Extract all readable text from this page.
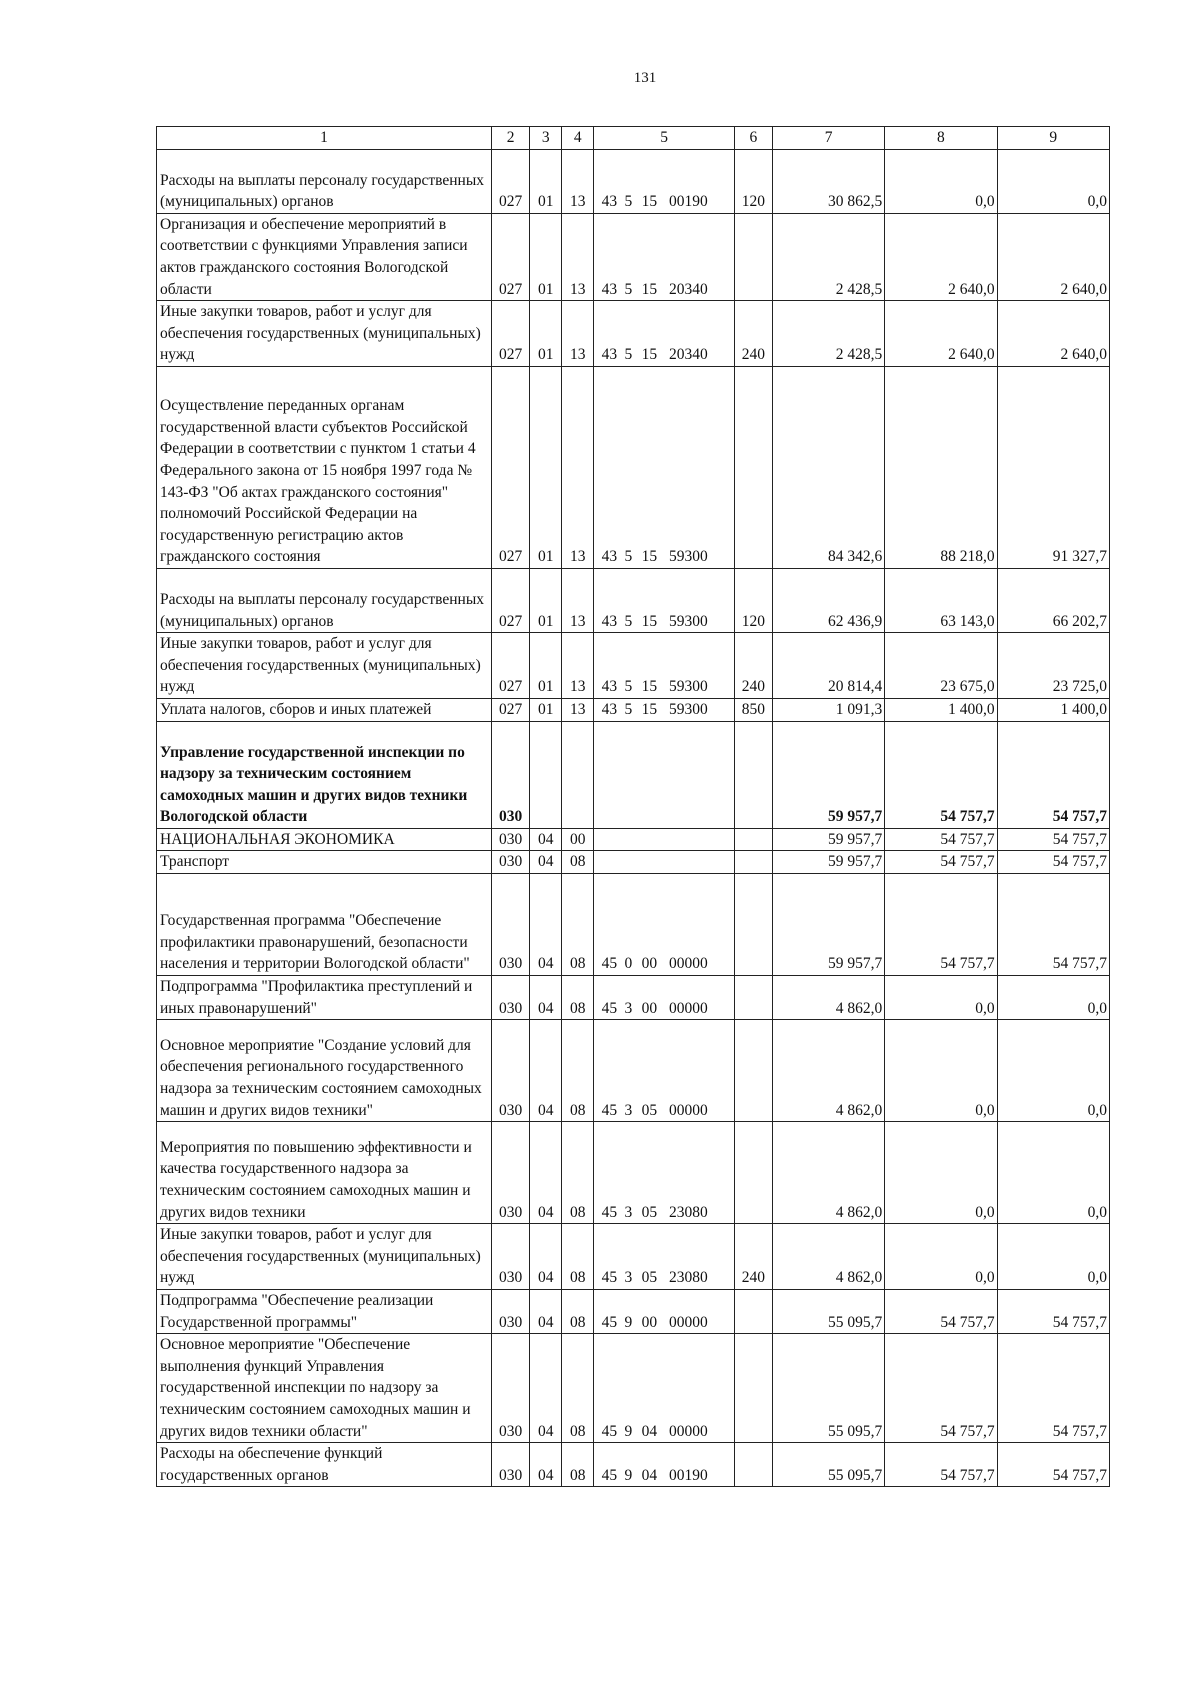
131
1	2	3	4	5	6	7	8	9
Расходы на выплаты персоналу государственных (муниципальных) органов	027	01	13	43 5 15 00190	120	30 862,5	0,0	0,0
Организация и обеспечение мероприятий в соответствии с функциями Управления записи актов гражданского состояния Вологодской области	027	01	13	43 5 15 20340		2 428,5	2 640,0	2 640,0
Иные закупки товаров, работ и услуг для обеспечения государственных (муниципальных) нужд	027	01	13	43 5 15 20340	240	2 428,5	2 640,0	2 640,0
Осуществление переданных органам государственной власти субъектов Российской Федерации в соответствии с пунктом 1 статьи 4 Федерального закона от 15 ноября 1997 года № 143-ФЗ "Об актах гражданского состояния" полномочий Российской Федерации на государственную регистрацию актов гражданского состояния	027	01	13	43 5 15 59300		84 342,6	88 218,0	91 327,7
Расходы на выплаты персоналу государственных (муниципальных) органов	027	01	13	43 5 15 59300	120	62 436,9	63 143,0	66 202,7
Иные закупки товаров, работ и услуг для обеспечения государственных (муниципальных) нужд	027	01	13	43 5 15 59300	240	20 814,4	23 675,0	23 725,0
Уплата налогов, сборов и иных платежей	027	01	13	43 5 15 59300	850	1 091,3	1 400,0	1 400,0
Управление государственной инспекции по надзору за техническим состоянием самоходных машин и других видов техники Вологодской области	030					59 957,7	54 757,7	54 757,7
НАЦИОНАЛЬНАЯ ЭКОНОМИКА	030	04	00			59 957,7	54 757,7	54 757,7
Транспорт	030	04	08			59 957,7	54 757,7	54 757,7
Государственная программа "Обеспечение профилактики правонарушений, безопасности населения и территории Вологодской области"	030	04	08	45 0 00 00000		59 957,7	54 757,7	54 757,7
Подпрограмма "Профилактика преступлений и иных правонарушений"	030	04	08	45 3 00 00000		4 862,0	0,0	0,0
Основное мероприятие "Создание условий для обеспечения регионального государственного надзора за техническим состоянием самоходных машин и других видов техники"	030	04	08	45 3 05 00000		4 862,0	0,0	0,0
Мероприятия по повышению эффективности и качества государственного надзора за техническим состоянием самоходных машин и других видов техники	030	04	08	45 3 05 23080		4 862,0	0,0	0,0
Иные закупки товаров, работ и услуг для обеспечения государственных (муниципальных) нужд	030	04	08	45 3 05 23080	240	4 862,0	0,0	0,0
Подпрограмма "Обеспечение реализации Государственной программы"	030	04	08	45 9 00 00000		55 095,7	54 757,7	54 757,7
Основное мероприятие "Обеспечение выполнения функций Управления государственной инспекции по надзору за техническим состоянием самоходных машин и других видов техники области"	030	04	08	45 9 04 00000		55 095,7	54 757,7	54 757,7
Расходы на обеспечение функций государственных органов	030	04	08	45 9 04 00190		55 095,7	54 757,7	54 757,7
